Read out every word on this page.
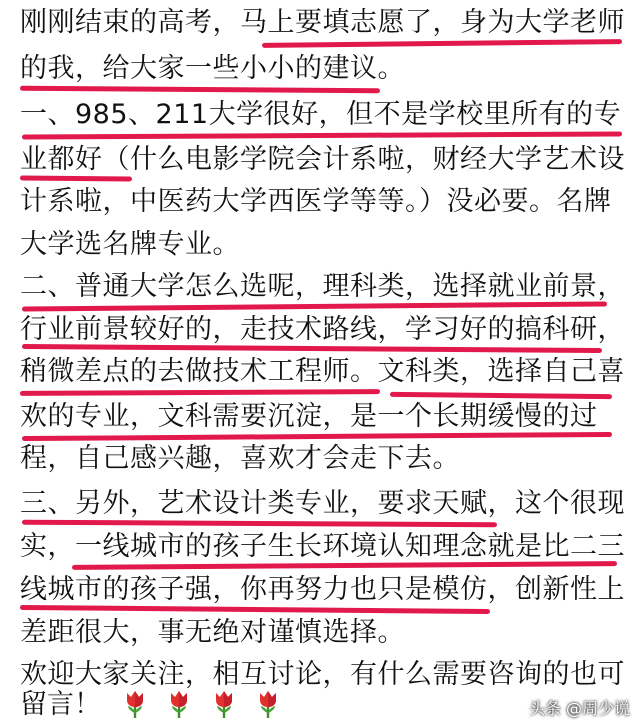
刚刚结束的高考，马上要填志愿了，身为大学老师
的我，给大家一些小小的建议。
一、985、211大学很好，但不是学校里所有的专
业都好（什么电影学院会计系啦，财经大学艺术设
计系啦，中医药大学西医学等等。）没必要。名牌
大学选名牌专业。
二、普通大学怎么选呢，理科类，选择就业前景，
行业前景较好的，走技术路线，学习好的搞科研，
稍微差点的去做技术工程师。文科类，选择自己喜
欢的专业，文科需要沉淀，是一个长期缓慢的过
程，自己感兴趣，喜欢才会走下去。
三、另外，艺术设计类专业，要求天赋，这个很现
实，一线城市的孩子生长环境认知理念就是比二三
线城市的孩子强，你再努力也只是模仿，创新性上
差距很大，事无绝对谨慎选择。
欢迎大家关注，相互讨论，有什么需要咨询的也可
留言！	头条 @周少说
